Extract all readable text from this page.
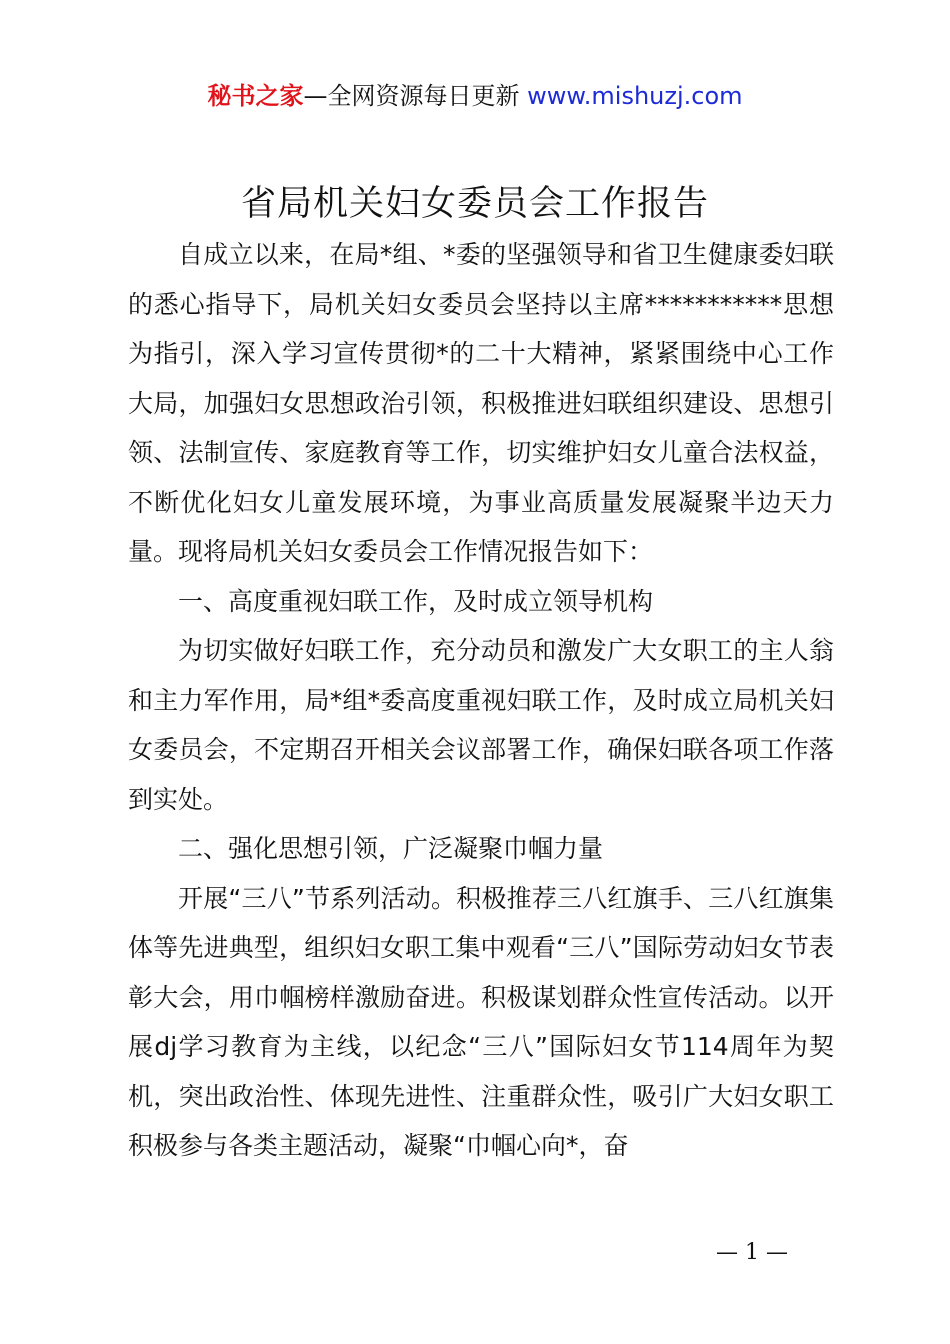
秘书之家—全网资源每日更新 www.mishuzj.com
省局机关妇女委员会工作报告

自成立以来，在局*组、*委的坚强领导和省卫生健康委妇联的悉心指导下，局机关妇女委员会坚持以主席***********思想为指引，深入学习宣传贯彻*的二十大精神，紧紧围绕中心工作大局，加强妇女思想政治引领，积极推进妇联组织建设、思想引领、法制宣传、家庭教育等工作，切实维护妇女儿童合法权益，不断优化妇女儿童发展环境，为事业高质量发展凝聚半边天力量。现将局机关妇女委员会工作情况报告如下：

一、高度重视妇联工作，及时成立领导机构

为切实做好妇联工作，充分动员和激发广大女职工的主人翁和主力军作用，局*组*委高度重视妇联工作，及时成立局机关妇女委员会，不定期召开相关会议部署工作，确保妇联各项工作落到实处。

二、强化思想引领，广泛凝聚巾帼力量

开展“三八”节系列活动。积极推荐三八红旗手、三八红旗集体等先进典型，组织妇女职工集中观看“三八”国际劳动妇女节表彰大会，用巾帼榜样激励奋进。积极谋划群众性宣传活动。以开展dj学习教育为主线，以纪念“三八”国际妇女节114周年为契机，突出政治性、体现先进性、注重群众性，吸引广大妇女职工积极参与各类主题活动，凝聚“巾帼心向*，奋

— 1 —
